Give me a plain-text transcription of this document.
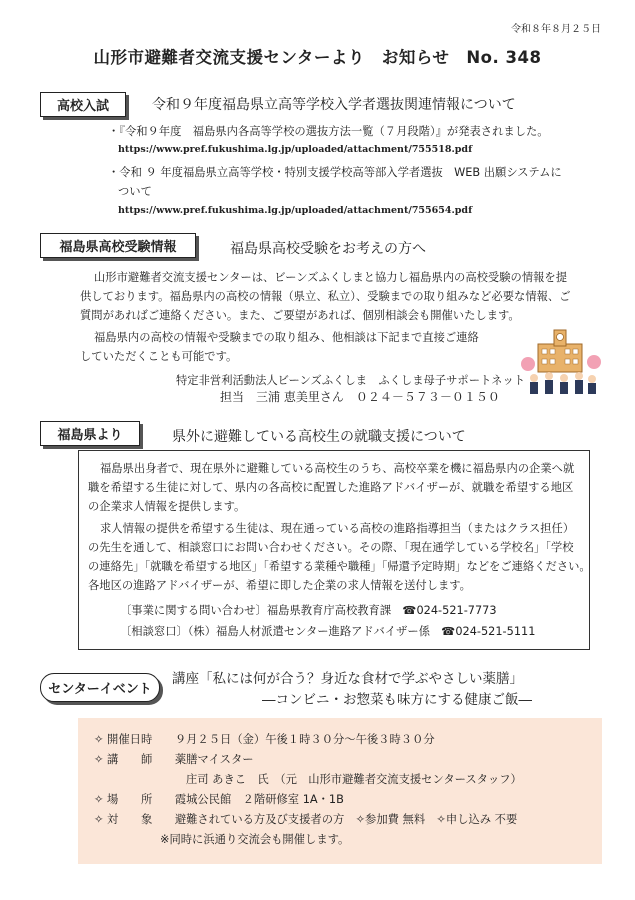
令和８年８月２５日
山形市避難者交流支援センターより　お知らせ　No. 348
高校入試	令和９年度福島県立高等学校入学者選抜関連情報について
・『令和９年度　福島県内各高等学校の選抜方法一覧（７月段階）』が発表されました。
https://www.pref.fukushima.lg.jp/uploaded/attachment/755518.pdf
・令和 ９ 年度福島県立高等学校・特別支援学校高等部入学者選抜　WEB 出願システムに
ついて
https://www.pref.fukushima.lg.jp/uploaded/attachment/755654.pdf
福島県高校受験情報	福島県高校受験をお考えの方へ
山形市避難者交流支援センターは、ビーンズふくしまと協力し福島県内の高校受験の情報を提
供しております。福島県内の高校の情報（県立、私立）、受験までの取り組みなど必要な情報、ご
質問があればご連絡ください。また、ご要望があれば、個別相談会も開催いたします。
福島県内の高校の情報や受験までの取り組み、他相談は下記まで直接ご連絡
していただくことも可能です。
特定非営利活動法人ビーンズふくしま　ふくしま母子サポートネット
担当　三浦 恵美里さん　０２４－５７３－０１５０
福島県より	県外に避難している高校生の就職支援について
福島県出身者で、現在県外に避難している高校生のうち、高校卒業を機に福島県内の企業へ就
職を希望する生徒に対して、県内の各高校に配置した進路アドバイザーが、就職を希望する地区
の企業求人情報を提供します。
求人情報の提供を希望する生徒は、現在通っている高校の進路指導担当（またはクラス担任）
の先生を通して、相談窓口にお問い合わせください。その際、「現在通学している学校名」「学校
の連絡先」「就職を希望する地区」「希望する業種や職種」「帰還予定時期」などをご連絡ください。
各地区の進路アドバイザーが、希望に即した企業の求人情報を送付します。
〔事業に関する問い合わせ〕福島県教育庁高校教育課　☎024-521-7773
〔相談窓口〕（株）福島人材派遣センター進路アドバイザー係　☎024-521-5111
センターイベント
講座「私には何が合う？身近な食材で学ぶやさしい薬膳」
―コンビニ・お惣菜も味方にする健康ご飯―
✧ 開催日時　　９月２５日（金）午後１時３０分～午後３時３０分
✧ 講　　師　　薬膳マイスター
庄司 あきこ　氏　（元　山形市避難者交流支援センタースタッフ）
✧ 場　　所　　霞城公民館　２階研修室 1A・1B
✧ 対　　象　　避難されている方及び支援者の方　✧参加費 無料　✧申し込み 不要
※同時に浜通り交流会も開催します。
